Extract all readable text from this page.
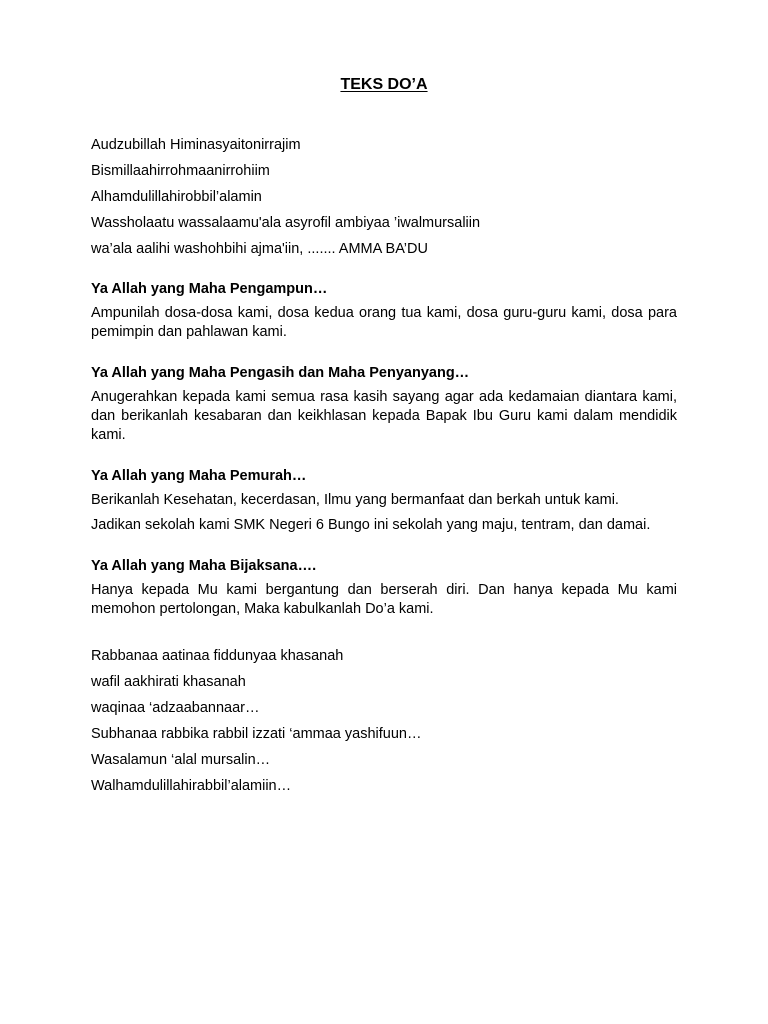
TEKS DO’A
Audzubillah Himinasyaitonirrajim
Bismillaahirrohmaanirrohiim
Alhamdulillahirobbil’alamin
Wassholaatu wassalaamu'ala asyrofil ambiyaa ’iwalmursaliin
wa’ala aalihi washohbihi ajma'iin, ....... AMMA BA’DU
Ya Allah yang Maha Pengampun…
Ampunilah dosa-dosa kami, dosa kedua orang tua kami, dosa guru-guru kami, dosa para pemimpin dan pahlawan kami.
Ya Allah yang Maha Pengasih dan Maha Penyanyang…
Anugerahkan kepada kami semua rasa kasih sayang agar ada kedamaian diantara kami, dan berikanlah kesabaran dan keikhlasan kepada Bapak Ibu Guru kami dalam mendidik kami.
Ya Allah yang Maha Pemurah…
Berikanlah Kesehatan, kecerdasan, Ilmu yang bermanfaat dan berkah untuk kami.
Jadikan sekolah kami SMK Negeri 6 Bungo ini sekolah yang maju, tentram, dan damai.
Ya Allah yang Maha Bijaksana….
Hanya kepada Mu kami bergantung dan berserah diri. Dan hanya kepada Mu kami memohon pertolongan, Maka kabulkanlah Do’a kami.
Rabbanaa aatinaa fiddunyaa khasanah
wafil aakhirati khasanah
waqinaa ‘adzaabannaar…
Subhanaa rabbika rabbil izzati ‘ammaa yashifuun…
Wasalamun ‘alal mursalin…
Walhamdulillahirabbil’alamiin…
